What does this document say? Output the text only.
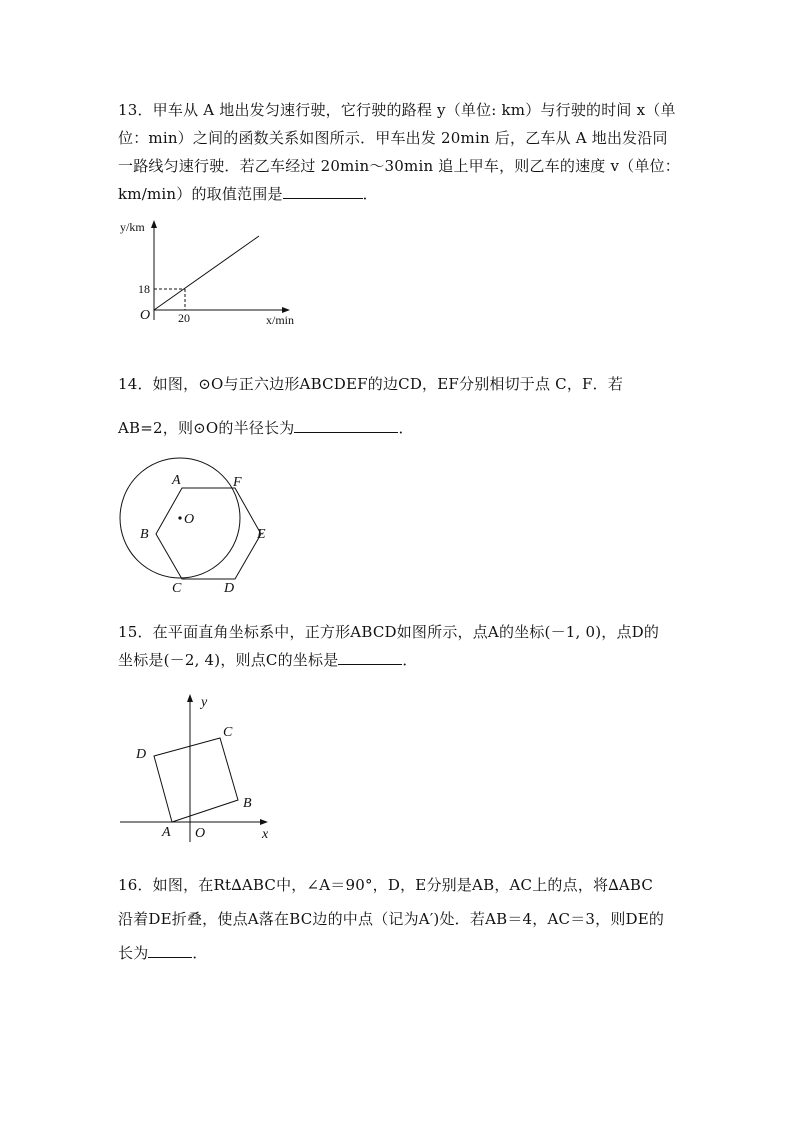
13．甲车从 A 地出发匀速行驶，它行驶的路程 y（单位: km）与行驶的时间 x（单
位：min）之间的函数关系如图所示．甲车出发 20min 后，乙车从 A 地出发沿同
一路线匀速行驶．若乙车经过 20min～30min 追上甲车，则乙车的速度 v（单位：
km/min）的取值范围是	．
y/km
x/min
O
18
20
14．如图，⊙O与正六边形ABCDEF的边CD，EF分别相切于点 C，F．若
AB=2，则⊙O的半径长为	．
A
B
C	D
E
F
O
15．在平面直角坐标系中，正方形ABCD如图所示，点A的坐标(－1, 0)，点D的
坐标是(－2, 4)，则点C的坐标是	．
A
B
C
D
O	x
y
16．如图，在Rt∆ABC中，∠A＝90°，D，E分别是AB，AC上的点，将∆ABC
沿着DE折叠，使点A落在BC边的中点（记为A′)处．若AB＝4，AC＝3，则DE的
长为	．
